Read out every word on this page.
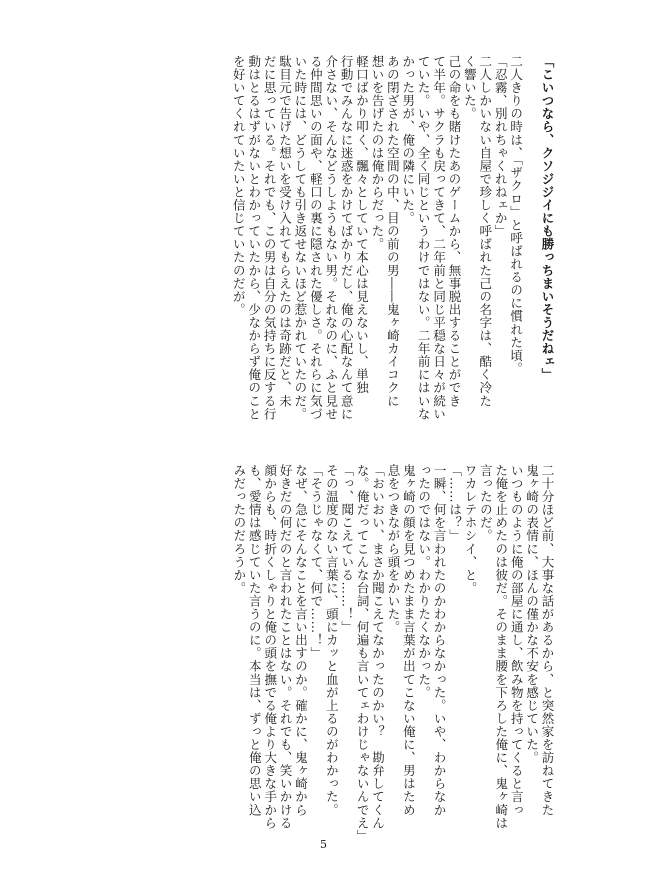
「こいつなら、クソジジイにも勝っちまいそうだねェ」
二人きりの時は、「ザクロ」と呼ばれるのに慣れた頃。
「忍霧、別れちゃくれねェか」
二人しかいない自屋で珍しく呼ばれた己の名字は、酷く冷た
く響いた。
己の命をも賭けたあのゲームから、無事脱出することができ
て半年。サクラも戻ってきて、二年前と同じ平穏な日々が続い
ていた。いや、全く同じというわけではない。二年前にはいな
かった男が、俺の隣にいた。
あの閉ざされた空間の中、目の前の男――鬼ヶ崎カイコクに
想いを告げたのは俺からだった。
軽口ばかり叩く、飄々としていて本心は見えないし、単独
行動でみんなに迷惑をかけてばかりだし、俺の心配なんて意に
介さない、そんなどうしようもない男。それなのに、ふと見せ
る仲間思いの面や、軽口の裏に隠された優しさ。それらに気づ
いた時には、どうしても引き返せないほど惹かれていたのだ。
駄目元で告げた想いを受け入れてもらえたのは奇跡だと、未
だに思っている。それでも、この男は自分の気持ちに反する行
動はとるはずがないとわかっていたから、少なからず俺のこと
を好いてくれていたいと信じていたのだが。
二十分ほど前、大事な話があるから、と突然家を訪ねてきた
鬼ヶ崎の表情に、ほんの僅かな不安を感じていた。
いつものように俺の部屋に通し、飲み物を持ってくると言っ
た俺を止めたのは彼だ。そのまま腰を下ろした俺に、鬼ヶ崎は
言ったのだ。
ワカレテホシイ、と。
「……は？」
一瞬、何を言われたのかわからなかった。いや、わからなか
ったのではない。わかりたくなかった。
鬼ヶ崎の顔を見つめたまま言葉が出てこない俺に、男はため
息をつきながら頭をかいた。
「おいおい、まさか聞こえてなかったのかい？　勘弁してくん
な。俺だってこんな台詞、何遍も言いてェわけじゃないんでえ」
「っ、聞こえている……！」
その温度のない言葉に、頭にカッと血が上るのがわかった。
「そうじゃなくて、何で……！」
なぜ、急にそんなことを言い出すのか。確かに、鬼ヶ崎から
好きだの何だのと言われたことはない。それでも、笑いかける
顔からも、時折くしゃりと俺の頭を撫でる俺より大きな手から
も、愛情は感じていた言うのに。本当は、ずっと俺の思い込
みだったのだろうか。
5
